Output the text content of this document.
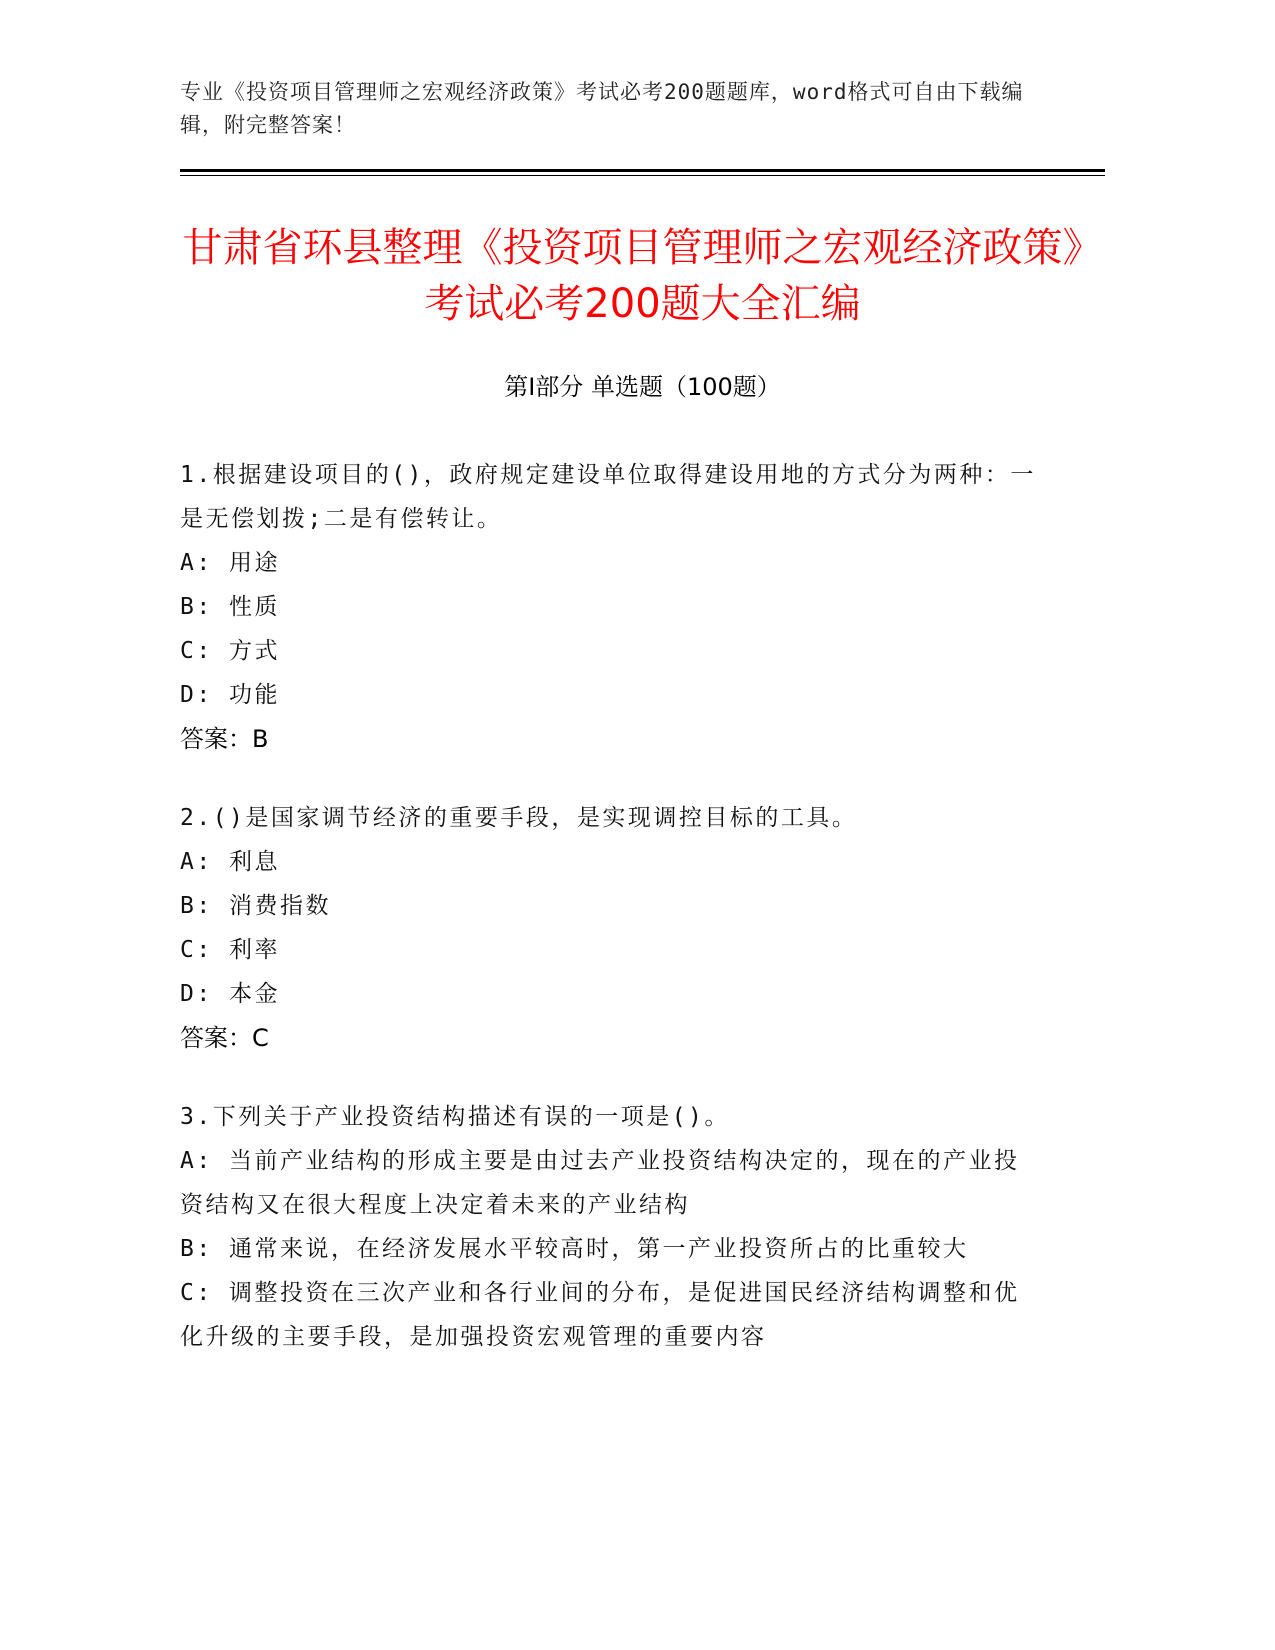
专业《投资项目管理师之宏观经济政策》考试必考200题题库，word格式可自由下载编辑，附完整答案！
甘肃省环县整理《投资项目管理师之宏观经济政策》考试必考200题大全汇编
第I部分 单选题（100题）
1.根据建设项目的()，政府规定建设单位取得建设用地的方式分为两种：一是无偿划拨;二是有偿转让。
A: 用途
B: 性质
C: 方式
D: 功能
答案：B
2.()是国家调节经济的重要手段，是实现调控目标的工具。
A: 利息
B: 消费指数
C: 利率
D: 本金
答案：C
3.下列关于产业投资结构描述有误的一项是()。
A: 当前产业结构的形成主要是由过去产业投资结构决定的，现在的产业投资结构又在很大程度上决定着未来的产业结构
B: 通常来说，在经济发展水平较高时，第一产业投资所占的比重较大
C: 调整投资在三次产业和各行业间的分布，是促进国民经济结构调整和优化升级的主要手段，是加强投资宏观管理的重要内容
